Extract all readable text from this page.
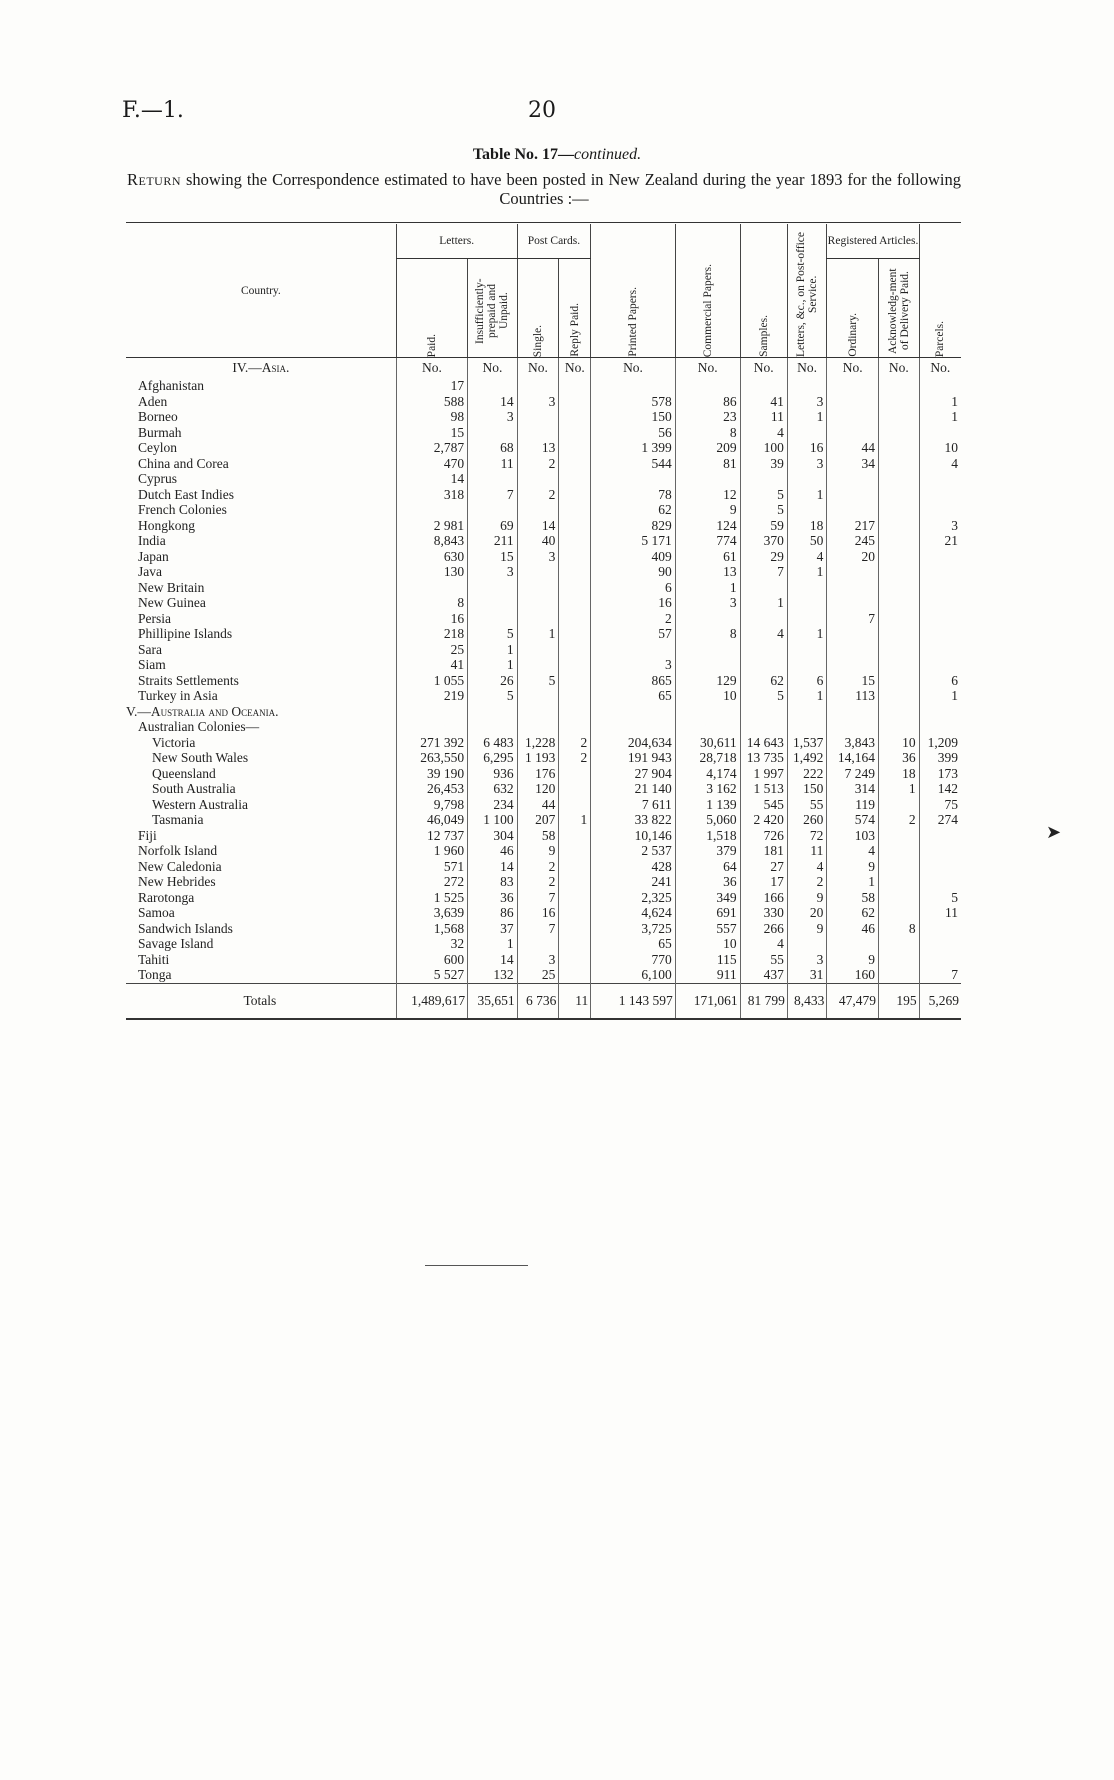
F.—1.	20
Table No. 17—continued.
Return showing the Correspondence estimated to have been posted in New Zealand during the year 1893 for the following Countries :—
Country.	Letters.		Post Cards.		Printed Papers.	Commercial Papers.	Samples.	Letters, &c., on Post-office Service.	Registered Articles.		Parcels.

	Paid.	Insufficiently-prepaid and Unpaid.	Single.	Reply Paid.					Ordinary.	Acknowledg-ment of Delivery Paid.	

IV.—Asia.	No.	No.	No.	No.	No.	No.	No.	No.	No.	No.	No.
Afghanistan	17										
Aden	588	14	3		578	86	41	3			1
Borneo	98	3			150	23	11	1			1
Burmah	15				56	8	4				
Ceylon	2,787	68	13		1 399	209	100	16	44		10
China and Corea	470	11	2		544	81	39	3	34		4
Cyprus	14										
Dutch East Indies	318	7	2		78	12	5	1			
French Colonies					62	9	5				
Hongkong	2 981	69	14		829	124	59	18	217		3
India	8,843	211	40		5 171	774	370	50	245		21
Japan	630	15	3		409	61	29	4	20		
Java	130	3			90	13	7	1			
New Britain					6	1					
New Guinea	8				16	3	1				
Persia	16				2				7		
Phillipine Islands	218	5	1		57	8	4	1			
Sara	25	1									
Siam	41	1			3						
Straits Settlements	1 055	26	5		865	129	62	6	15		6
Turkey in Asia	219	5			65	10	5	1	113		1
V.—Australia and Oceania.											
Australian Colonies—											
Victoria	271 392	6 483	1,228	2	204,634	30,611	14 643	1,537	3,843	10	1,209
New South Wales	263,550	6,295	1 193	2	191 943	28,718	13 735	1,492	14,164	36	399
Queensland	39 190	936	176		27 904	4,174	1 997	222	7 249	18	173
South Australia	26,453	632	120		21 140	3 162	1 513	150	314	1	142
Western Australia	9,798	234	44		7 611	1 139	545	55	119		75
Tasmania	46,049	1 100	207	1	33 822	5,060	2 420	260	574	2	274
Fiji	12 737	304	58		10,146	1,518	726	72	103		
Norfolk Island	1 960	46	9		2 537	379	181	11	4		
New Caledonia	571	14	2		428	64	27	4	9		
New Hebrides	272	83	2		241	36	17	2	1		
Rarotonga	1 525	36	7		2,325	349	166	9	58		5
Samoa	3,639	86	16		4,624	691	330	20	62		11
Sandwich Islands	1,568	37	7		3,725	557	266	9	46	8	
Savage Island	32	1			65	10	4				
Tahiti	600	14	3		770	115	55	3	9		
Tonga	5 527	132	25		6,100	911	437	31	160		7
Totals	1,489,617	35,651	6 736	11	1 143 597	171,061	81 799	8,433	47,479	195	5,269
➤
